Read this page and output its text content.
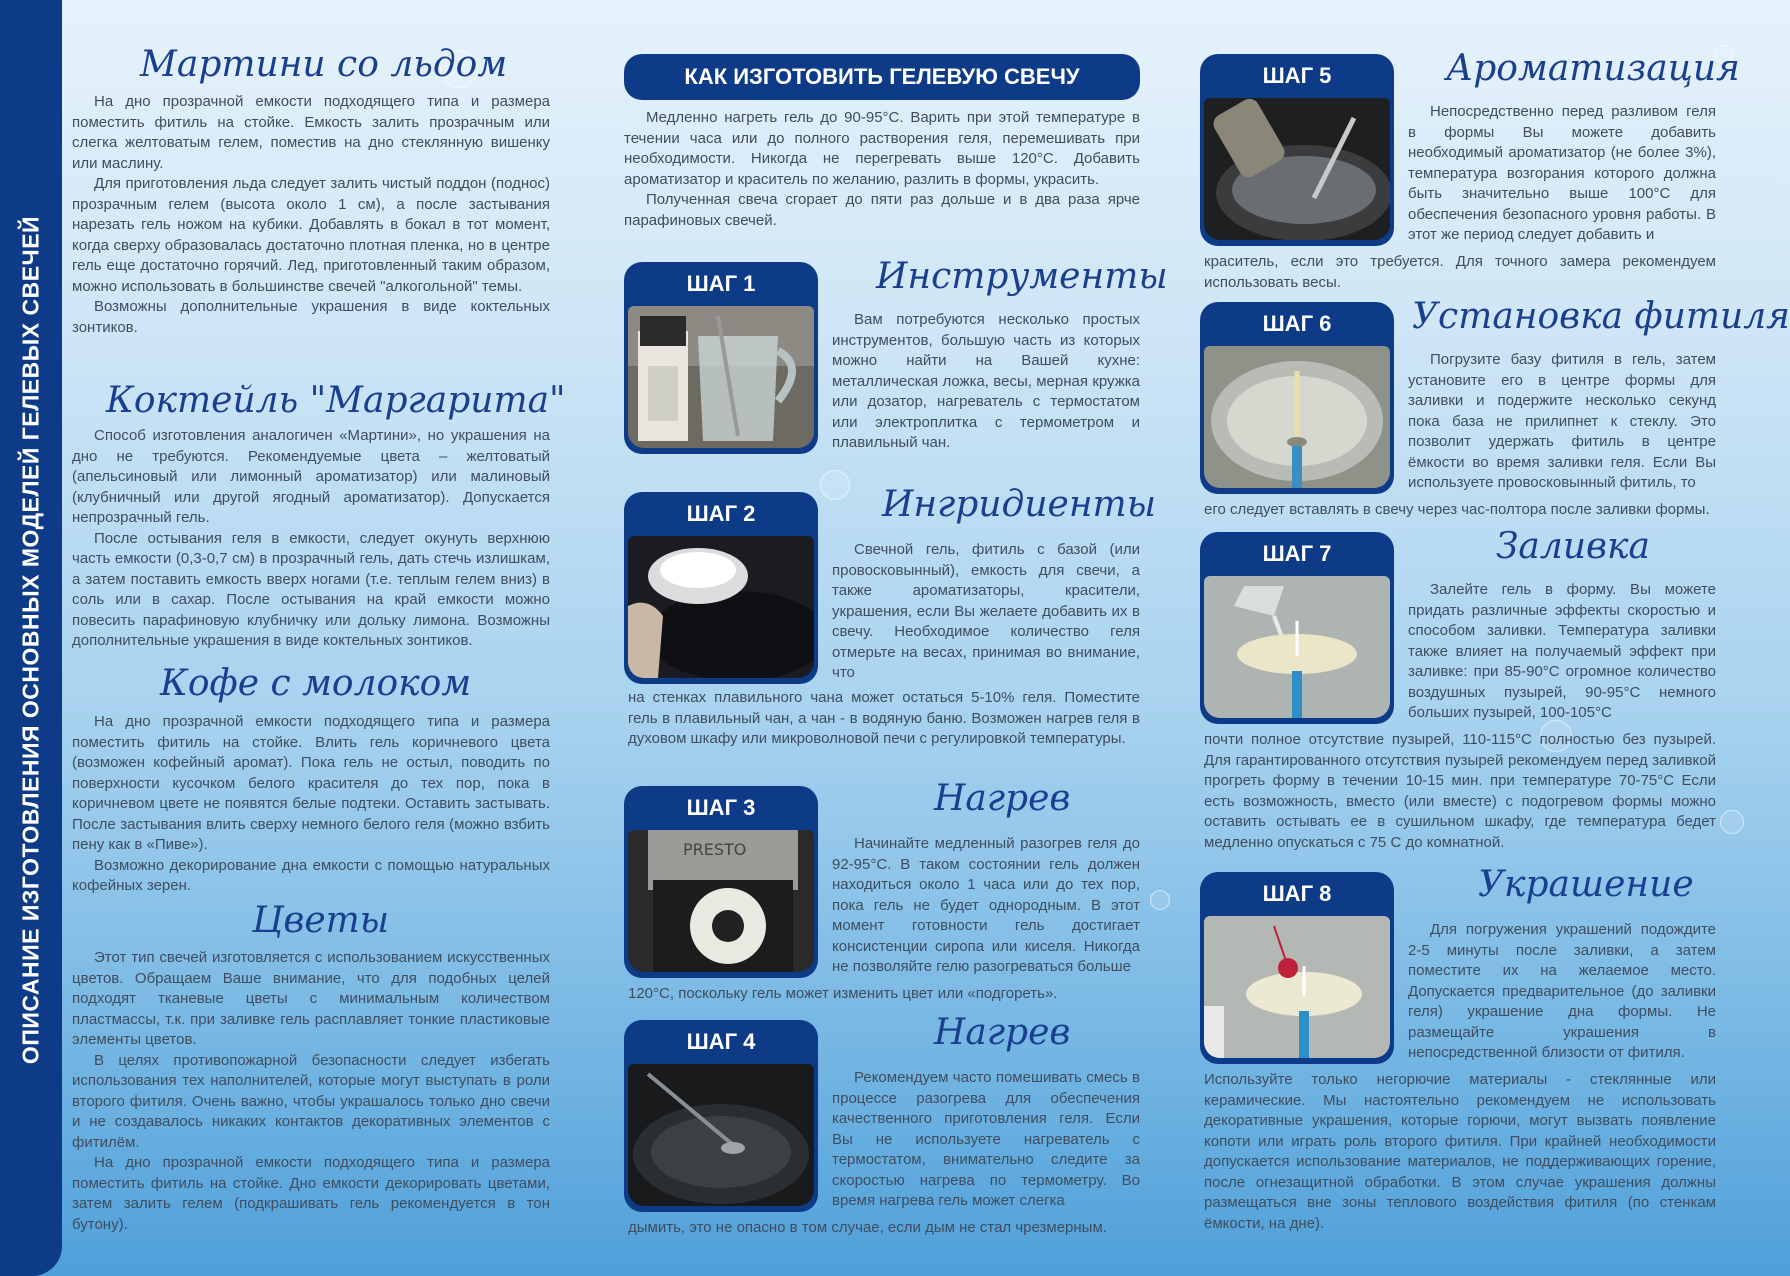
ОПИСАНИЕ ИЗГОТОВЛЕНИЯ ОСНОВНЫХ МОДЕЛЕЙ ГЕЛЕВЫХ СВЕЧЕЙ
Мартини со льдом

На дно прозрачной емкости подходящего типа и размера поместить фитиль на стойке. Емкость залить прозрачным или слегка желтоватым гелем, поместив на дно стеклянную вишенку или маслину.

Для приготовления льда следует залить чистый поддон (поднос) прозрачным гелем (высота около 1 см), а после застывания нарезать гель ножом на кубики. Добавлять в бокал в тот момент, когда сверху образовалась достаточно плотная пленка, но в центре гель еще достаточно горячий. Лед, приготовленный таким образом, можно использовать в большинстве свечей "алкогольной" темы.

Возможны дополнительные украшения в виде коктельных зонтиков.

Коктейль "Маргарита"

Способ изготовления аналогичен «Мартини», но украшения на дно не требуются. Рекомендуемые цвета – желтоватый (апельсиновый или лимонный ароматизатор) или малиновый (клубничный или другой ягодный ароматизатор). Допускается непрозрачный гель.

После остывания геля в емкости, следует окунуть верхнюю часть емкости (0,3-0,7 см) в прозрачный гель, дать стечь излишкам, а затем поставить емкость вверх ногами (т.е. теплым гелем вниз) в соль или в сахар. После остывания на край емкости можно повесить парафиновую клубничку или дольку лимона. Возможны дополнительные украшения в виде коктельных зонтиков.

Кофе с молоком

На дно прозрачной емкости подходящего типа и размера поместить фитиль на стойке. Влить гель коричневого цвета (возможен кофейный аромат). Пока гель не остыл, поводить по поверхности кусочком белого красителя до тех пор, пока в коричневом цвете не появятся белые подтеки. Оставить застывать. После застывания влить сверху немного белого геля (можно взбить пену как в «Пиве»).

Возможно декорирование дна емкости с помощью натуральных кофейных зерен.

Цветы

Этот тип свечей изготовляется с использованием искусственных цветов. Обращаем Ваше внимание, что для подобных целей подходят тканевые цветы с минимальным количеством пластмассы, т.к. при заливке гель расплавляет тонкие пластиковые элементы цветов.

В целях противопожарной безопасности следует избегать использования тех наполнителей, которые могут выступать в роли второго фитиля. Очень важно, чтобы украшалось только дно свечи и не создавалось никаких контактов декоративных элементов с фитилём.

На дно прозрачной емкости подходящего типа и размера поместить фитиль на стойке. Дно емкости декорировать цветами, затем залить гелем (подкрашивать гель рекомендуется в тон бутону).

КАК ИЗГОТОВИТЬ ГЕЛЕВУЮ СВЕЧУ

Медленно нагреть гель до 90-95°С. Варить при этой температуре в течении часа или до полного растворения геля, перемешивать при необходимости. Никогда не перегревать выше 120°С. Добавить ароматизатор и краситель по желанию, разлить в формы, украсить.

Полученная свеча сгорает до пяти раз дольше и в два раза ярче парафиновых свечей.

ШАГ 1	Инструменты

Вам потребуются несколько простых инструментов, большую часть из которых можно найти на Вашей кухне: металлическая ложка, весы, мерная кружка или дозатор, нагреватель с термостатом или электроплитка с термометром и плавильный чан.

ШАГ 2	Ингридиенты

Свечной гель, фитиль с базой (или провосковынный), емкость для свечи, а также ароматизаторы, красители, украшения, если Вы желаете добавить их в свечу. Необходимое количество геля отмерьте на весах, принимая во внимание, что

на стенках плавильного чана может остаться 5-10% геля. Поместите гель в плавильный чан, а чан - в водяную баню. Возможен нагрев геля в духовом шкафу или микроволновой печи с регулировкой температуры.

ШАГ 3
PRESTO
Нагрев

Начинайте медленный разогрев геля до 92-95°С. В таком состоянии гель должен находиться около 1 часа или до тех пор, пока гель не будет однородным. В этот момент готовности гель достигает консистенции сиропа или киселя. Никогда не позволяйте гелю разогреваться больше

120°С, поскольку гель может изменить цвет или «подгореть».

ШАГ 4	Нагрев

Рекомендуем часто помешивать смесь в процессе разогрева для обеспечения качественного приготовления геля. Если Вы не используете нагреватель с термостатом, внимательно следите за скоростью нагрева по термометру. Во время нагрева гель может слегка

дымить, это не опасно в том случае, если дым не стал чрезмерным.

ШАГ 5	Ароматизация

Непосредственно перед разливом геля в формы Вы можете добавить необходимый ароматизатор (не более 3%), температура возгорания которого должна быть значительно выше 100°С для обеспечения безопасного уровня работы. В этот же период следует добавить и

краситель, если это требуется. Для точного замера рекомендуем использовать весы.

ШАГ 6	Установка фитиля

Погрузите базу фитиля в гель, затем установите его в центре формы для заливки и подержите несколько секунд пока база не прилипнет к стеклу. Это позволит удержать фитиль в центре ёмкости во время заливки геля. Если Вы используете провосковынный фитиль, то

его следует вставлять в свечу через час-полтора после заливки формы.

ШАГ 7	Заливка

Залейте гель в форму. Вы можете придать различные эффекты скоростью и способом заливки. Температура заливки также влияет на получаемый эффект при заливке: при 85-90°С огромное количество воздушных пузырей, 90-95°С немного больших пузырей, 100-105°С

почти полное отсутствие пузырей, 110-115°С полностью без пузырей. Для гарантированного отсутствия пузырей рекомендуем перед заливкой прогреть форму в течении 10-15 мин. при температуре 70-75°С Если есть возможность, вместо (или вместе) с подогревом формы можно оставить остывать ее в сушильном шкафу, где температура бедет медленно опускаться с 75 С до комнатной.

ШАГ 8	Украшение

Для погружения украшений подождите 2-5 минуты после заливки, а затем поместите их на желаемое место. Допускается предварительное (до заливки геля) украшение дна формы. Не размещайте украшения в непосредственной близости от фитиля.

Используйте только негорючие материалы - стеклянные или керамические. Мы настоятельно рекомендуем не использовать декоративные украшения, которые горючи, могут вызвать появление копоти или играть роль второго фитиля. При крайней необходимости допускается использование материалов, не поддерживающих горение, после огнезащитной обработки. В этом случае украшения должны размещаться вне зоны теплового воздействия фитиля (по стенкам ёмкости, на дне).
